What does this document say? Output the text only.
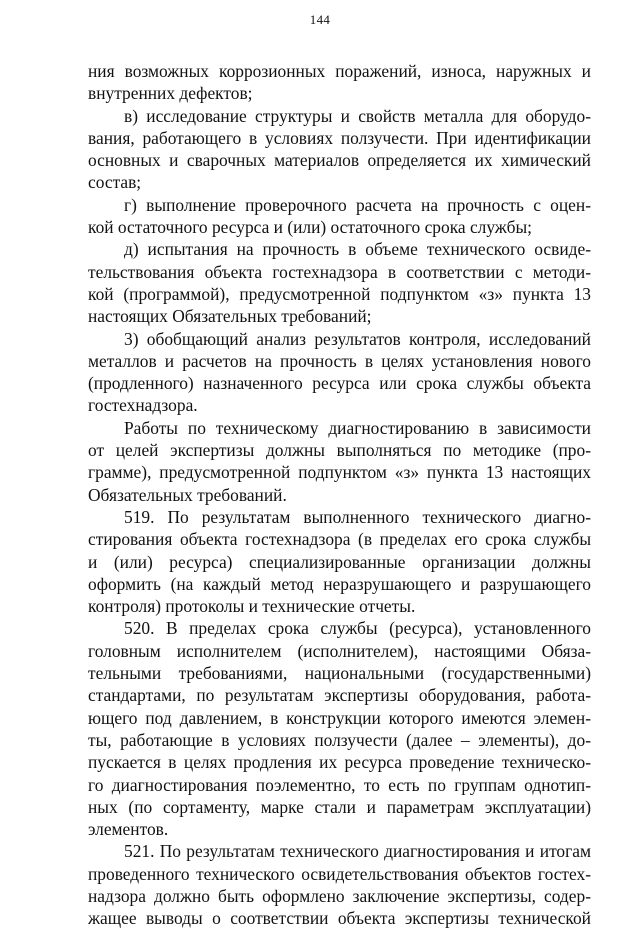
144
ния возможных коррозионных поражений, износа, наружных и
внутренних дефектов;
в) исследование структуры и свойств металла для оборудо-
вания, работающего в условиях ползучести. При идентификации
основных и сварочных материалов определяется их химический
состав;
г) выполнение проверочного расчета на прочность с оцен-
кой остаточного ресурса и (или) остаточного срока службы;
д) испытания на прочность в объеме технического освиде-
тельствования объекта гостехнадзора в соответствии с методи-
кой (программой), предусмотренной подпунктом «з» пункта 13
настоящих Обязательных требований;
3) обобщающий анализ результатов контроля, исследований
металлов и расчетов на прочность в целях установления нового
(продленного) назначенного ресурса или срока службы объекта
гостехнадзора.
Работы по техническому диагностированию в зависимости
от целей экспертизы должны выполняться по методике (про-
грамме), предусмотренной подпунктом «з» пункта 13 настоящих
Обязательных требований.
519. По результатам выполненного технического диагно-
стирования объекта гостехнадзора (в пределах его срока службы
и (или) ресурса) специализированные организации должны
оформить (на каждый метод неразрушающего и разрушающего
контроля) протоколы и технические отчеты.
520. В пределах срока службы (ресурса), установленного
головным исполнителем (исполнителем), настоящими Обяза-
тельными требованиями, национальными (государственными)
стандартами, по результатам экспертизы оборудования, работа-
ющего под давлением, в конструкции которого имеются элемен-
ты, работающие в условиях ползучести (далее – элементы), до-
пускается в целях продления их ресурса проведение техническо-
го диагностирования поэлементно, то есть по группам однотип-
ных (по сортаменту, марке стали и параметрам эксплуатации)
элементов.
521. По результатам технического диагностирования и итогам
проведенного технического освидетельствования объектов гостех-
надзора должно быть оформлено заключение экспертизы, содер-
жащее выводы о соответствии объекта экспертизы технической
